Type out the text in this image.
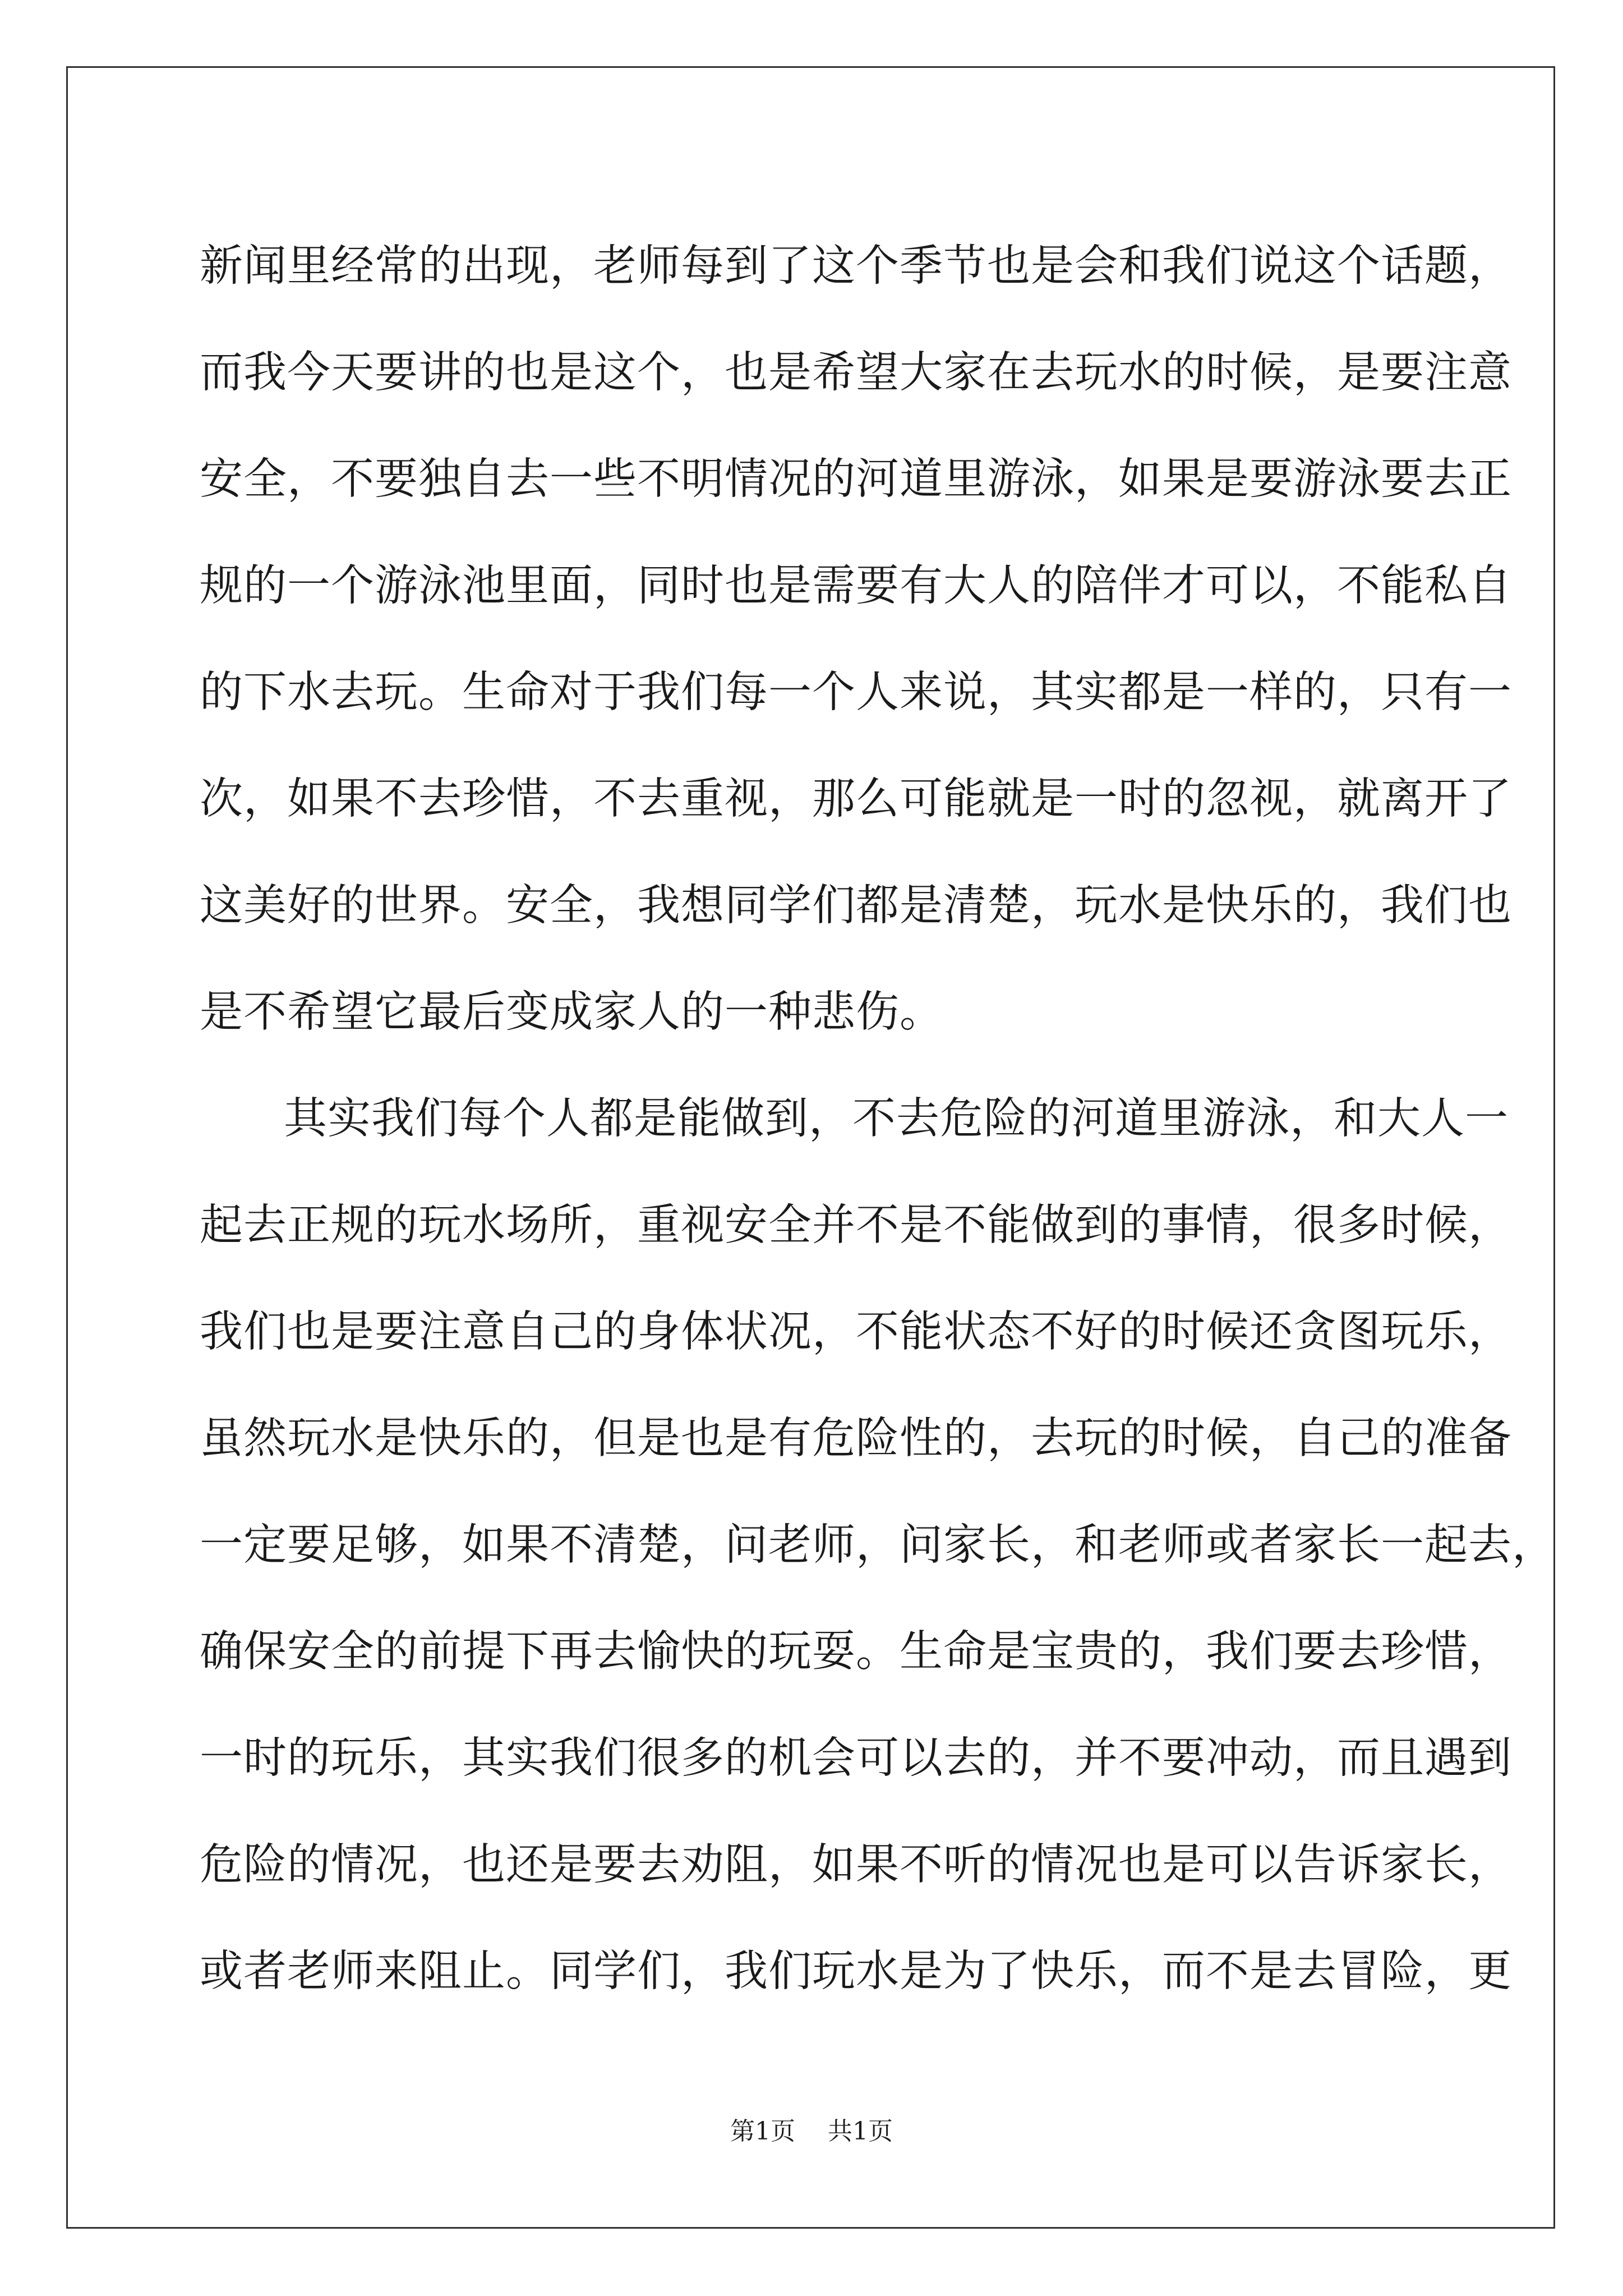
新闻里经常的出现，老师每到了这个季节也是会和我们说这个话题，
而我今天要讲的也是这个，也是希望大家在去玩水的时候，是要注意
安全，不要独自去一些不明情况的河道里游泳，如果是要游泳要去正
规的一个游泳池里面，同时也是需要有大人的陪伴才可以，不能私自
的下水去玩。生命对于我们每一个人来说，其实都是一样的，只有一
次，如果不去珍惜，不去重视，那么可能就是一时的忽视，就离开了
这美好的世界。安全，我想同学们都是清楚，玩水是快乐的，我们也
是不希望它最后变成家人的一种悲伤。
其实我们每个人都是能做到，不去危险的河道里游泳，和大人一
起去正规的玩水场所，重视安全并不是不能做到的事情，很多时候，
我们也是要注意自己的身体状况，不能状态不好的时候还贪图玩乐，
虽然玩水是快乐的，但是也是有危险性的，去玩的时候，自己的准备
一定要足够，如果不清楚，问老师，问家长，和老师或者家长一起去，
确保安全的前提下再去愉快的玩耍。生命是宝贵的，我们要去珍惜，
一时的玩乐，其实我们很多的机会可以去的，并不要冲动，而且遇到
危险的情况，也还是要去劝阻，如果不听的情况也是可以告诉家长，
或者老师来阻止。同学们，我们玩水是为了快乐，而不是去冒险，更
第1页 共1页
